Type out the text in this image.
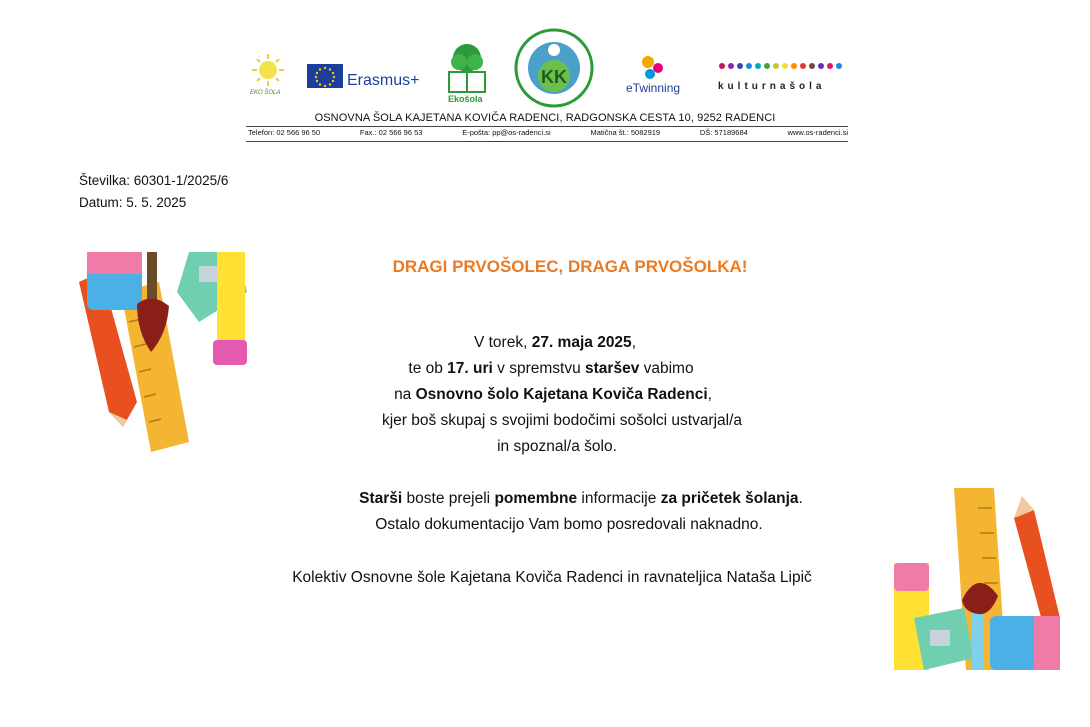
EKO ŠOLA
Erasmus+
Ekošola
KK
eTwinning	kulturnašola
OSNOVNA ŠOLA KAJETANA KOVIČA RADENCI, RADGONSKA CESTA 10, 9252 RADENCI
Telefon: 02 566 96 50	Fax.: 02 566 96 53	E-pošta: pp@os-radenci.si	Matična št.: 5082919	DŠ: 57189684	www.os-radenci.si
Številka: 60301-1/2025/6
Datum: 5. 5. 2025
DRAGI PRVOŠOLEC, DRAGA PRVOŠOLKA!
V torek, 27. maja 2025,
te ob 17. uri v spremstvu staršev vabimo
na Osnovno šolo Kajetana Koviča Radenci,
kjer boš skupaj s svojimi bodočimi sošolci ustvarjal/a
in spoznal/a šolo.
Starši boste prejeli pomembne informacije za pričetek šolanja.
Ostalo dokumentacijo Vam bomo posredovali naknadno.
Kolektiv Osnovne šole Kajetana Koviča Radenci in ravnateljica Nataša Lipič
